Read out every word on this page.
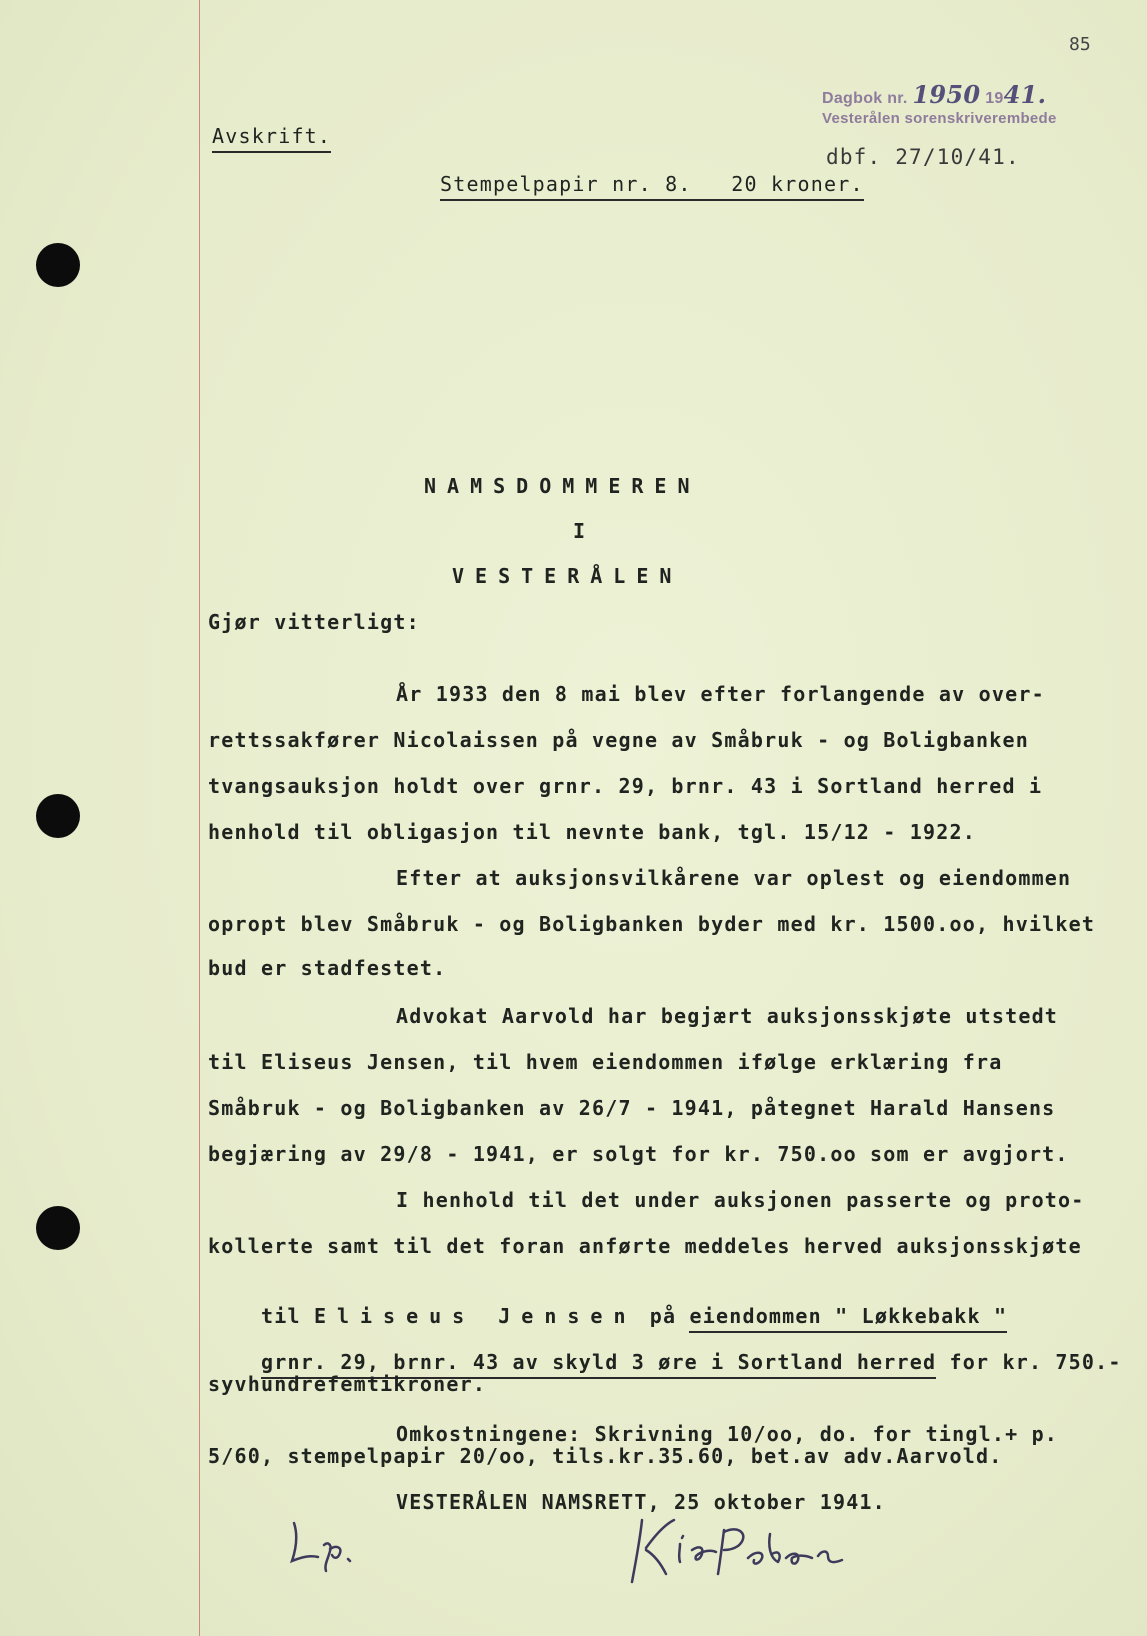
85
Dagbok nr. 1950 1941.
Vesterålen sorenskriverembede
Avskrift.
dbf. 27/10/41.
Stempelpapir nr. 8.   20 kroner.
NAMSDOMMEREN
I
VESTERÅLEN
Gjør vitterligt:
År 1933 den 8 mai blev efter forlangende av over-
rettssakfører Nicolaissen på vegne av Småbruk - og Boligbanken
tvangsauksjon holdt over grnr. 29, brnr. 43 i Sortland herred i
henhold til obligasjon til nevnte bank, tgl. 15/12 - 1922.
Efter at auksjonsvilkårene var oplest og eiendommen
opropt blev Småbruk - og Boligbanken byder med kr. 1500.oo, hvilket
bud er stadfestet.
Advokat Aarvold har begjært auksjonsskjøte utstedt
til Eliseus Jensen, til hvem eiendommen ifølge erklæring fra
Småbruk - og Boligbanken av 26/7 - 1941, påtegnet Harald Hansens
begjæring av 29/8 - 1941, er solgt for kr. 750.oo som er avgjort.
I henhold til det under auksjonen passerte og proto-
kollerte samt til det foran anførte meddeles herved auksjonsskjøte

til Eliseus Jensen på eiendommen " Løkkebakk "

grnr. 29, brnr. 43 av skyld 3 øre i Sortland herred for kr. 750.-

syvhundrefemtikroner.
Omkostningene: Skrivning 10/oo, do. for tingl.+ p.
5/60, stempelpapir 20/oo, tils.kr.35.60, bet.av adv.Aarvold.
VESTERÅLEN NAMSRETT, 25 oktober 1941.
